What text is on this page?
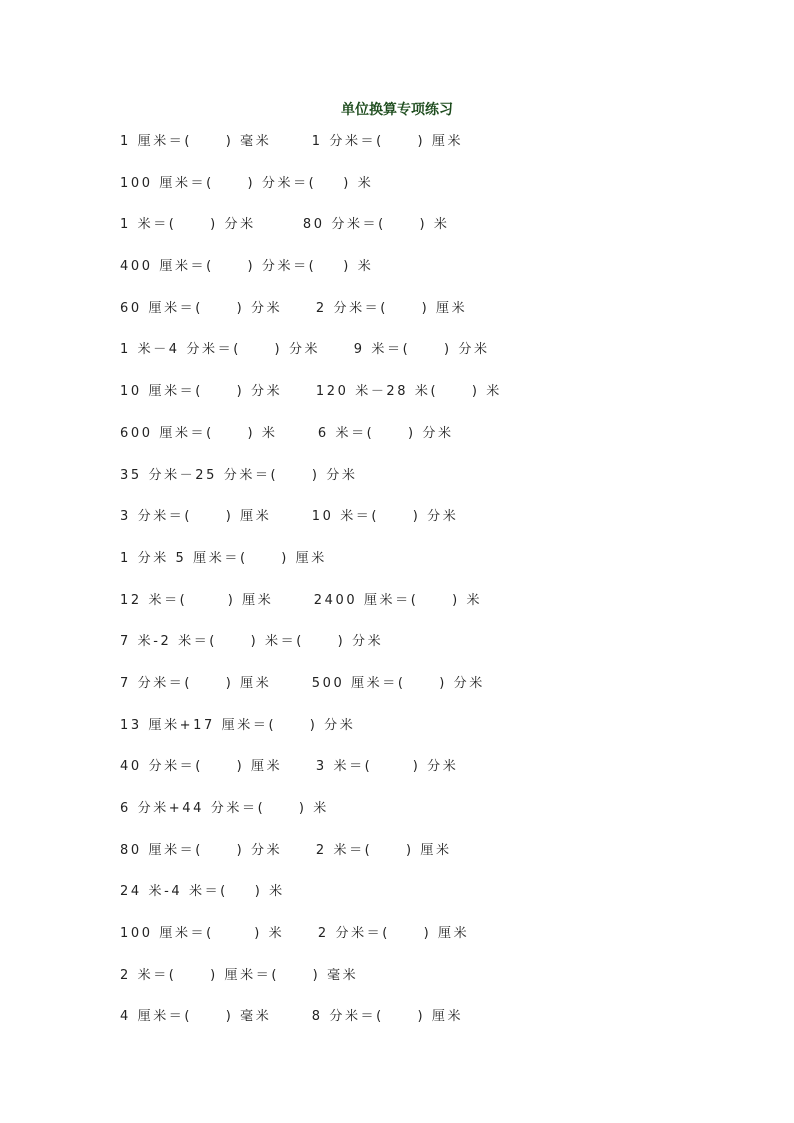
单位换算专项练习
1 厘米＝(     ) 毫米      1 分米＝(     ) 厘米
100 厘米＝(     ) 分米＝(    ) 米
1 米＝(     ) 分米       80 分米＝(     ) 米
400 厘米＝(     ) 分米＝(    ) 米
60 厘米＝(     ) 分米     2 分米＝(     ) 厘米
1 米－4 分米＝(     ) 分米     9 米＝(     ) 分米
10 厘米＝(     ) 分米     120 米－28 米(     ) 米
600 厘米＝(     ) 米      6 米＝(     ) 分米
35 分米－25 分米＝(     ) 分米
3 分米＝(     ) 厘米      10 米＝(     ) 分米
1 分米 5 厘米＝(     ) 厘米
12 米＝(      ) 厘米      2400 厘米＝(     ) 米
7 米-2 米＝(     ) 米＝(     ) 分米
7 分米＝(     ) 厘米      500 厘米＝(     ) 分米
13 厘米+17 厘米＝(     ) 分米
40 分米＝(     ) 厘米     3 米＝(      ) 分米
6 分米+44 分米＝(     ) 米
80 厘米＝(     ) 分米     2 米＝(     ) 厘米
24 米-4 米＝(    ) 米
100 厘米＝(      ) 米     2 分米＝(     ) 厘米
2 米＝(     ) 厘米＝(     ) 毫米
4 厘米＝(     ) 毫米      8 分米＝(     ) 厘米
